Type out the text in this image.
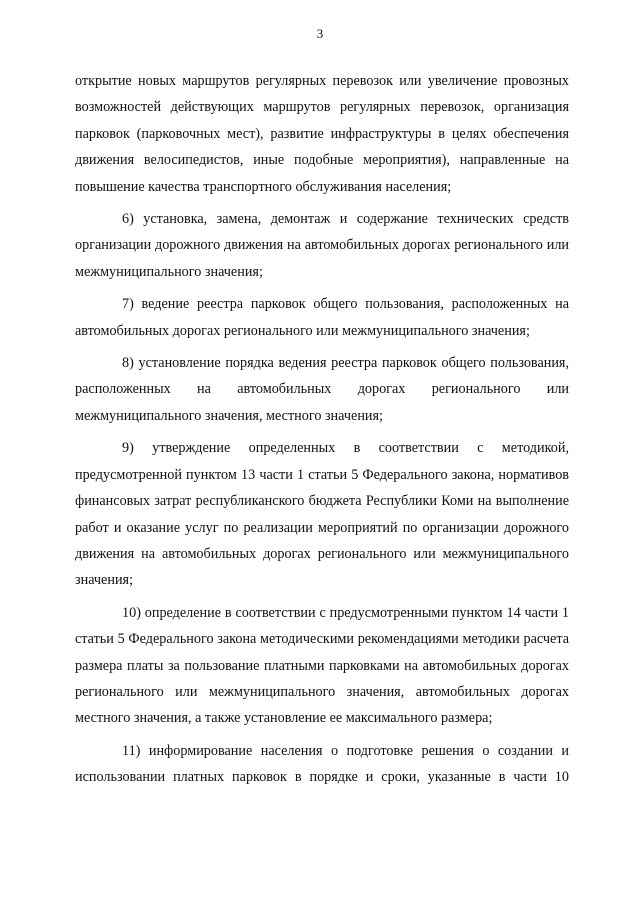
3

открытие новых маршрутов регулярных перевозок или увеличение провозных возможностей действующих маршрутов регулярных перевозок, организация парковок (парковочных мест), развитие инфраструктуры в целях обеспечения движения велосипедистов, иные подобные мероприятия), направленные на повышение качества транспортного обслуживания населения;

6) установка, замена, демонтаж и содержание технических средств организации дорожного движения на автомобильных дорогах регионального или межмуниципального значения;

7) ведение реестра парковок общего пользования, расположенных на автомобильных дорогах регионального или межмуниципального значения;

8) установление порядка ведения реестра парковок общего пользования, расположенных на автомобильных дорогах регионального или межмуниципального значения, местного значения;

9) утверждение определенных в соответствии с методикой, предусмотренной пунктом 13 части 1 статьи 5 Федерального закона, нормативов финансовых затрат республиканского бюджета Республики Коми на выполнение работ и оказание услуг по реализации мероприятий по организации дорожного движения на автомобильных дорогах регионального или межмуниципального значения;

10) определение в соответствии с предусмотренными пунктом 14 части 1 статьи 5 Федерального закона методическими рекомендациями методики расчета размера платы за пользование платными парковками на автомобильных дорогах регионального или межмуниципального значения, автомобильных дорогах местного значения, а также установление ее максимального размера;

11) информирование населения о подготовке решения о создании и использовании платных парковок в порядке и сроки, указанные в части 10
